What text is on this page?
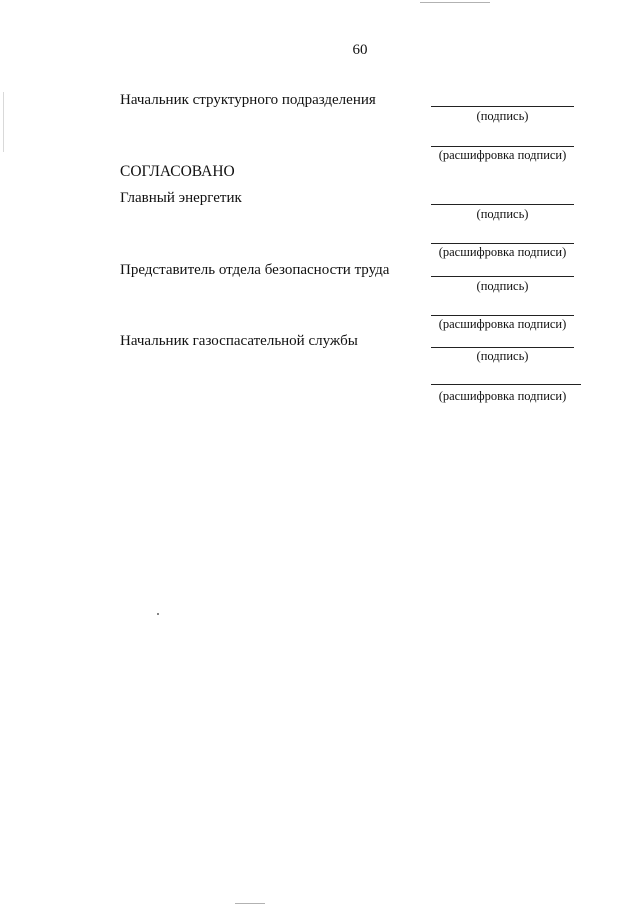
60
Начальник структурного подразделения
(подпись)
(расшифровка подписи)
СОГЛАСОВАНО
Главный энергетик
(подпись)
(расшифровка подписи)
Представитель отдела безопасности труда
(подпись)
(расшифровка подписи)
Начальник газоспасательной службы
(подпись)
(расшифровка подписи)
